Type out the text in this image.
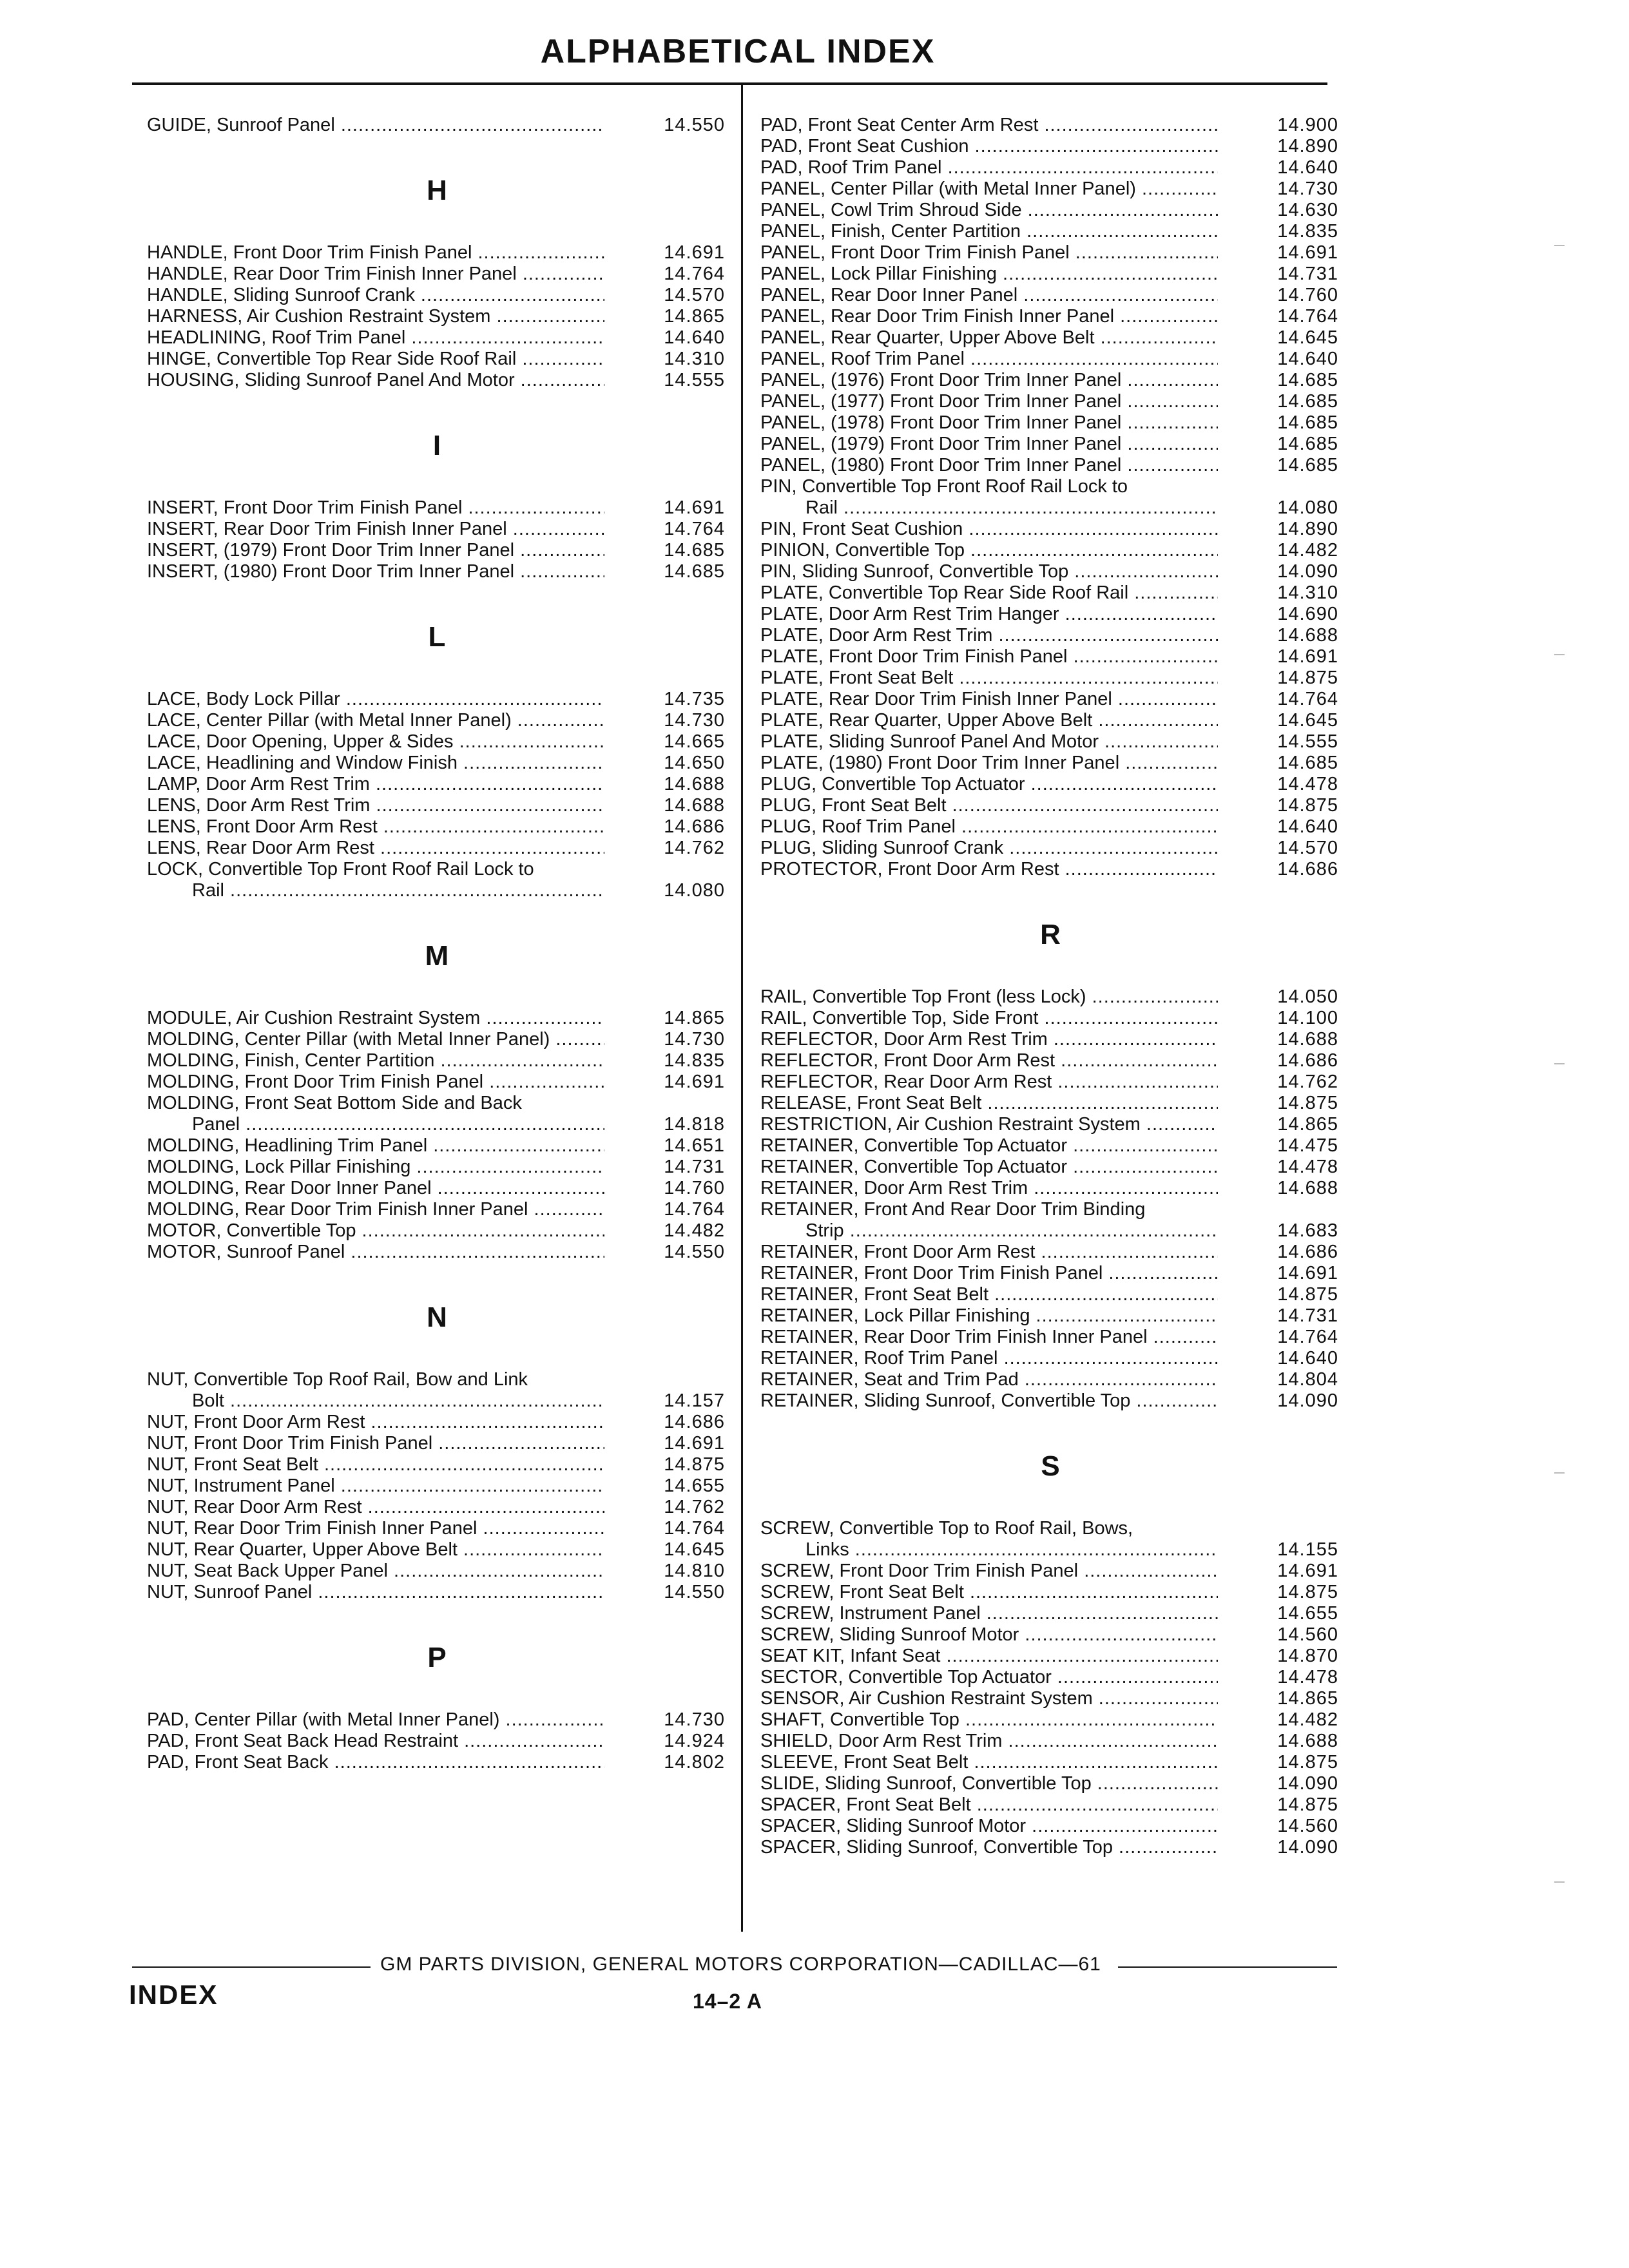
ALPHABETICAL INDEX
GUIDE, Sunroof Panel .....	14.550
H
HANDLE, Front Door Trim Finish Panel .....	14.691
HANDLE, Rear Door Trim Finish Inner Panel .....	14.764
HANDLE, Sliding Sunroof Crank .....	14.570
HARNESS, Air Cushion Restraint System .....	14.865
HEADLINING, Roof Trim Panel .....	14.640
HINGE, Convertible Top Rear Side Roof Rail .....	14.310
HOUSING, Sliding Sunroof Panel And Motor .....	14.555
I
INSERT, Front Door Trim Finish Panel .....	14.691
INSERT, Rear Door Trim Finish Inner Panel .....	14.764
INSERT, (1979) Front Door Trim Inner Panel .....	14.685
INSERT, (1980) Front Door Trim Inner Panel .....	14.685
L
LACE, Body Lock Pillar .....	14.735
LACE, Center Pillar (with Metal Inner Panel) .....	14.730
LACE, Door Opening, Upper & Sides .....	14.665
LACE, Headlining and Window Finish .....	14.650
LAMP, Door Arm Rest Trim .....	14.688
LENS, Door Arm Rest Trim .....	14.688
LENS, Front Door Arm Rest .....	14.686
LENS, Rear Door Arm Rest .....	14.762
LOCK, Convertible Top Front Roof Rail Lock to
Rail .....	14.080
M
MODULE, Air Cushion Restraint System .....	14.865
MOLDING, Center Pillar (with Metal Inner Panel) .....	14.730
MOLDING, Finish, Center Partition .....	14.835
MOLDING, Front Door Trim Finish Panel .....	14.691
MOLDING, Front Seat Bottom Side and Back
Panel .....	14.818
MOLDING, Headlining Trim Panel .....	14.651
MOLDING, Lock Pillar Finishing .....	14.731
MOLDING, Rear Door Inner Panel .....	14.760
MOLDING, Rear Door Trim Finish Inner Panel .....	14.764
MOTOR, Convertible Top .....	14.482
MOTOR, Sunroof Panel .....	14.550
N
NUT, Convertible Top Roof Rail, Bow and Link
Bolt .....	14.157
NUT, Front Door Arm Rest .....	14.686
NUT, Front Door Trim Finish Panel .....	14.691
NUT, Front Seat Belt .....	14.875
NUT, Instrument Panel .....	14.655
NUT, Rear Door Arm Rest .....	14.762
NUT, Rear Door Trim Finish Inner Panel .....	14.764
NUT, Rear Quarter, Upper Above Belt .....	14.645
NUT, Seat Back Upper Panel .....	14.810
NUT, Sunroof Panel .....	14.550
P
PAD, Center Pillar (with Metal Inner Panel) .....	14.730
PAD, Front Seat Back Head Restraint .....	14.924
PAD, Front Seat Back .....	14.802
PAD, Front Seat Center Arm Rest .....	14.900
PAD, Front Seat Cushion .....	14.890
PAD, Roof Trim Panel .....	14.640
PANEL, Center Pillar (with Metal Inner Panel) .....	14.730
PANEL, Cowl Trim Shroud Side .....	14.630
PANEL, Finish, Center Partition .....	14.835
PANEL, Front Door Trim Finish Panel .....	14.691
PANEL, Lock Pillar Finishing .....	14.731
PANEL, Rear Door Inner Panel .....	14.760
PANEL, Rear Door Trim Finish Inner Panel .....	14.764
PANEL, Rear Quarter, Upper Above Belt .....	14.645
PANEL, Roof Trim Panel .....	14.640
PANEL, (1976) Front Door Trim Inner Panel .....	14.685
PANEL, (1977) Front Door Trim Inner Panel .....	14.685
PANEL, (1978) Front Door Trim Inner Panel .....	14.685
PANEL, (1979) Front Door Trim Inner Panel .....	14.685
PANEL, (1980) Front Door Trim Inner Panel .....	14.685
PIN, Convertible Top Front Roof Rail Lock to
Rail .....	14.080
PIN, Front Seat Cushion .....	14.890
PINION, Convertible Top .....	14.482
PIN, Sliding Sunroof, Convertible Top .....	14.090
PLATE, Convertible Top Rear Side Roof Rail .....	14.310
PLATE, Door Arm Rest Trim Hanger .....	14.690
PLATE, Door Arm Rest Trim .....	14.688
PLATE, Front Door Trim Finish Panel .....	14.691
PLATE, Front Seat Belt .....	14.875
PLATE, Rear Door Trim Finish Inner Panel .....	14.764
PLATE, Rear Quarter, Upper Above Belt .....	14.645
PLATE, Sliding Sunroof Panel And Motor .....	14.555
PLATE, (1980) Front Door Trim Inner Panel .....	14.685
PLUG, Convertible Top Actuator .....	14.478
PLUG, Front Seat Belt .....	14.875
PLUG, Roof Trim Panel .....	14.640
PLUG, Sliding Sunroof Crank .....	14.570
PROTECTOR, Front Door Arm Rest .....	14.686
R
RAIL, Convertible Top Front (less Lock) .....	14.050
RAIL, Convertible Top, Side Front .....	14.100
REFLECTOR, Door Arm Rest Trim .....	14.688
REFLECTOR, Front Door Arm Rest .....	14.686
REFLECTOR, Rear Door Arm Rest .....	14.762
RELEASE, Front Seat Belt .....	14.875
RESTRICTION, Air Cushion Restraint System .....	14.865
RETAINER, Convertible Top Actuator .....	14.475
RETAINER, Convertible Top Actuator .....	14.478
RETAINER, Door Arm Rest Trim .....	14.688
RETAINER, Front And Rear Door Trim Binding
Strip .....	14.683
RETAINER, Front Door Arm Rest .....	14.686
RETAINER, Front Door Trim Finish Panel .....	14.691
RETAINER, Front Seat Belt .....	14.875
RETAINER, Lock Pillar Finishing .....	14.731
RETAINER, Rear Door Trim Finish Inner Panel .....	14.764
RETAINER, Roof Trim Panel .....	14.640
RETAINER, Seat and Trim Pad .....	14.804
RETAINER, Sliding Sunroof, Convertible Top .....	14.090
S
SCREW, Convertible Top to Roof Rail, Bows,
Links .....	14.155
SCREW, Front Door Trim Finish Panel .....	14.691
SCREW, Front Seat Belt .....	14.875
SCREW, Instrument Panel .....	14.655
SCREW, Sliding Sunroof Motor .....	14.560
SEAT KIT, Infant Seat .....	14.870
SECTOR, Convertible Top Actuator .....	14.478
SENSOR, Air Cushion Restraint System .....	14.865
SHAFT, Convertible Top .....	14.482
SHIELD, Door Arm Rest Trim .....	14.688
SLEEVE, Front Seat Belt .....	14.875
SLIDE, Sliding Sunroof, Convertible Top .....	14.090
SPACER, Front Seat Belt .....	14.875
SPACER, Sliding Sunroof Motor .....	14.560
SPACER, Sliding Sunroof, Convertible Top .....	14.090
GM PARTS DIVISION, GENERAL MOTORS CORPORATION—CADILLAC—61
INDEX	14–2 A
